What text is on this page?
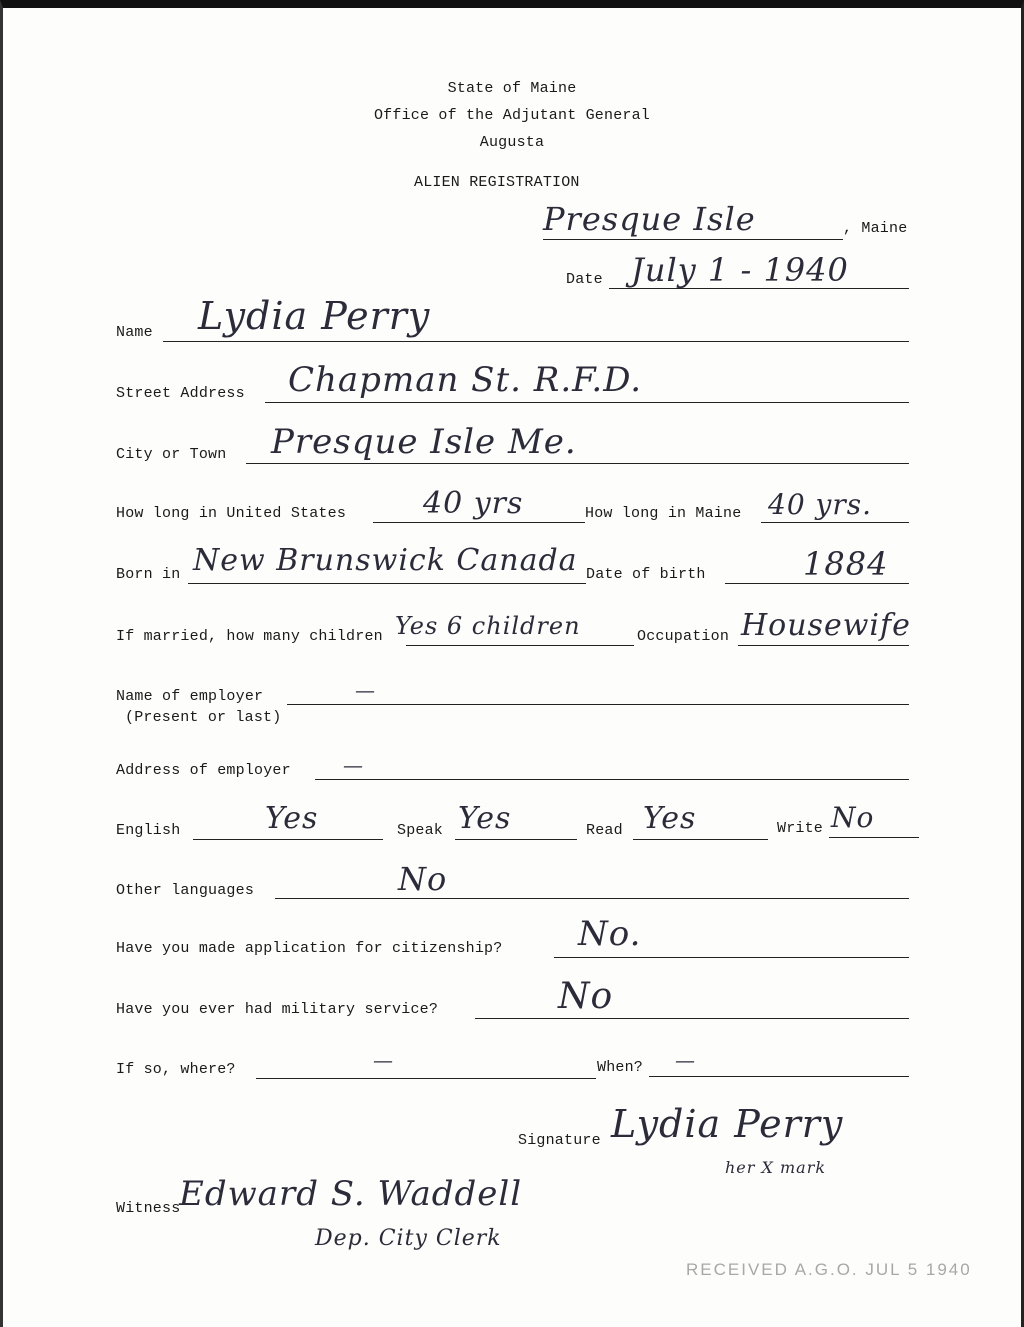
State of Maine
Office of the Adjutant General
Augusta
ALIEN REGISTRATION
Presque Isle	, Maine
Date July 1 - 1940
Name Lydia Perry
Street Address Chapman St. R.F.D.
City or Town Presque Isle Me.
How long in United States	40 yrs	How long in Maine 40 yrs.
Born in New Brunswick Canada Date of birth	1884
If married, how many children Yes 6 children	Occupation Housewife
Name of employer	—
(Present or last)
Address of employer	—
English	Yes	Speak Yes	Read Yes	Write No
Other languages	No
Have you made application for citizenship? No.
Have you ever had military service?	No
If so, where?	—	When? —
Signature Lydia Perry
her X mark
Witness
Edward S. Waddell
Dep. City Clerk
RECEIVED A.G.O. JUL 5 1940
